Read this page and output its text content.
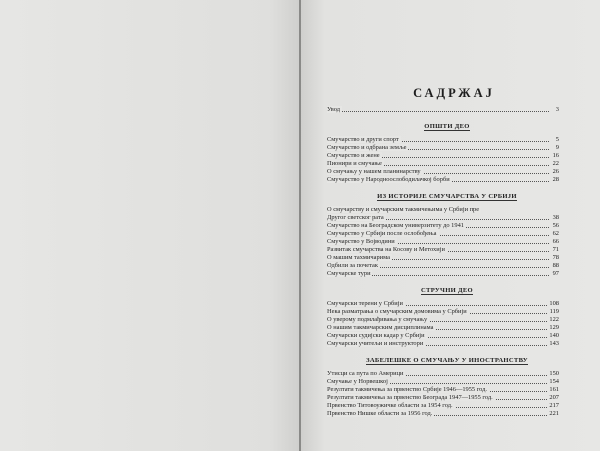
САДРЖАЈ
Увод	3
ОПШТИ ДЕО
Смучарство и други спорт	5
Смучарство и одбрана земље	9
Смучарство и жене	16
Пионири и смучање	22
О смучању у нашем планинарству	26
Смучарство у Народноослободилачкој борби	28
ИЗ ИСТОРИЈЕ СМУЧАРСТВА У СРБИЈИ
О смучарству и смучарским такмичењима у Србији пре
Другог светског рата	38
Смучарство на Београдском универзитету до 1941	56
Смучарство у Србији после ослобођења	62
Смучарство у Војводини	66
Развитак смучарства на Косову и Метохији	71
О машим тахмичарима	78
Одбили за почетак	88
Смучарске тури	97
СТРУЧНИ ДЕО
Смучарски терени у Србији	108
Нека разматрања о смучарским домовима у Србији	119
О уверому подмлађивања у смучању	122
О нашим такмичарским дисциплинама	129
Смучарски судијски кадар у Србији	140
Смучарски учитељи и инструктори	143
ЗАБЕЛЕШКЕ О СМУЧАЊУ У ИНОСТРАНСТВУ
Утисци са пута по Америци	150
Смучање у Норвешкој	154
Резултати такмичења за првенство Србије 1946—1955 год.	161
Резултати такмичења за првенство Београда 1947—1955 год.	207
Првенство Титовоужичке области за 1954 год.	217
Првенство Нишке области за 1956 год.	221
